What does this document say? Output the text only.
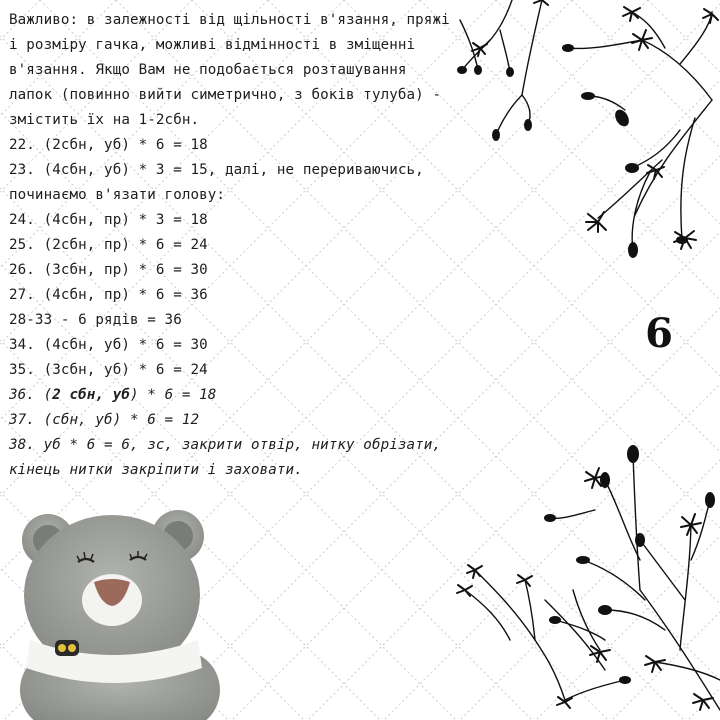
Важливо: в залежності від щільності в'язання, пряжі
і розміру гачка, можливі відмінності в зміщенні
в'язання. Якщо Вам не подобається розташування
лапок (повинно вийти симетрично, з боків тулуба) -
змістить їх на 1-2сбн.
22. (2сбн, уб) * 6 = 18
23. (4сбн, уб) * 3 = 15, далі, не перериваючись,
починаємо в'язати голову:
24. (4сбн, пр) * 3 = 18
25. (2сбн, пр) * 6 = 24
26. (3сбн, пр) * 6 = 30
27. (4сбн, пр) * 6 = 36
28-33 - 6 рядів = 36
34. (4сбн, уб) * 6 = 30
35. (3сбн, уб) * 6 = 24
36. (2 сбн, уб) * 6 = 18
37. (сбн, уб) * 6 = 12
38. уб * 6 = 6, зс, закрити отвір, нитку обрізати,
кінець нитки закріпити і заховати.
6
